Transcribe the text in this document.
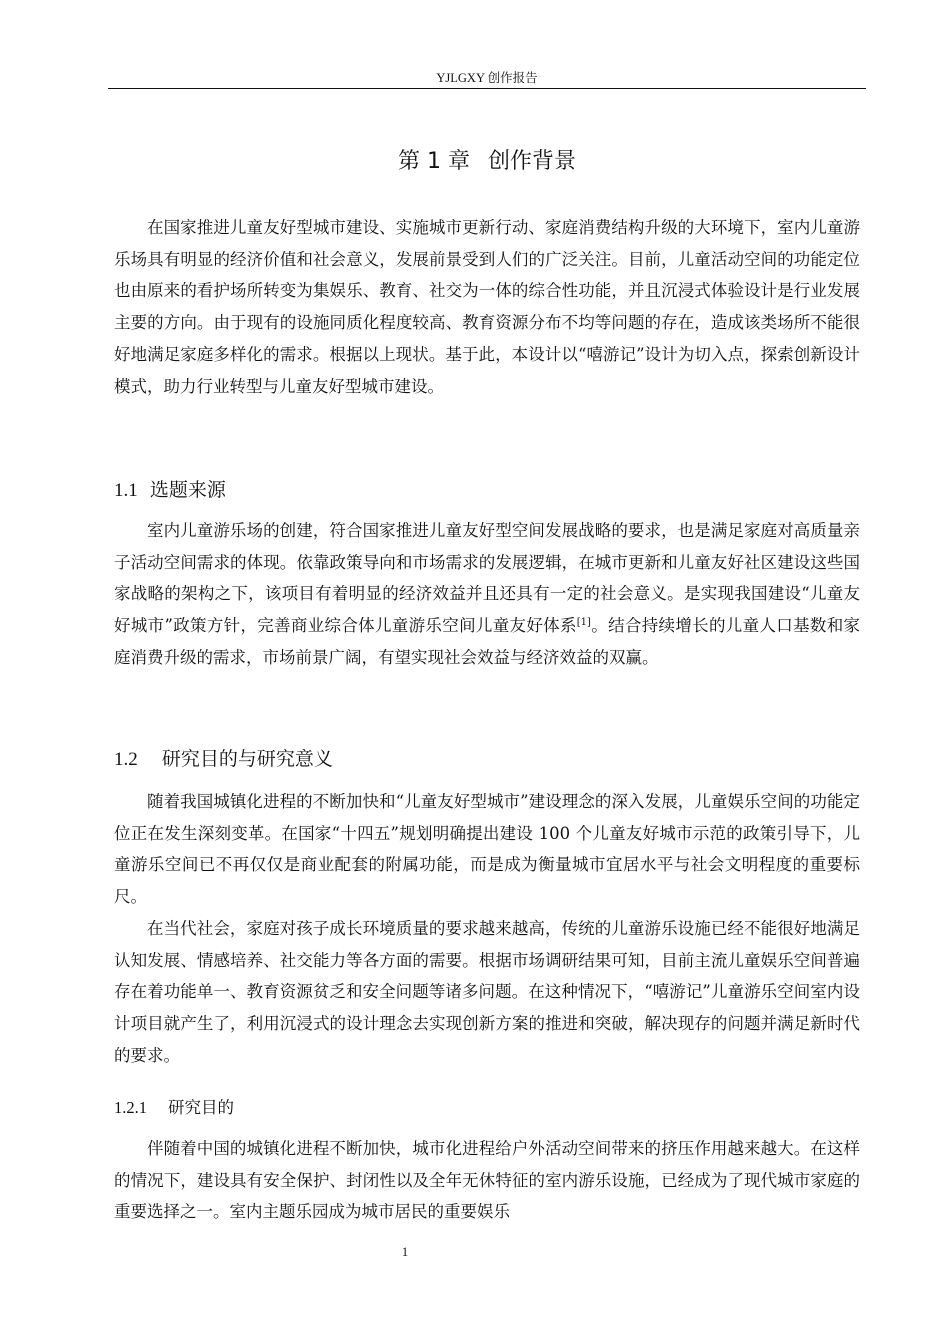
YJLGXY 创作报告
第 1 章 创作背景

在国家推进儿童友好型城市建设、实施城市更新行动、家庭消费结构升级的大环境下，室内儿童游乐场具有明显的经济价值和社会意义，发展前景受到人们的广泛关注。目前，儿童活动空间的功能定位也由原来的看护场所转变为集娱乐、教育、社交为一体的综合性功能，并且沉浸式体验设计是行业发展主要的方向。由于现有的设施同质化程度较高、教育资源分布不均等问题的存在，造成该类场所不能很好地满足家庭多样化的需求。根据以上现状。基于此，本设计以“嘻游记”设计为切入点，探索创新设计模式，助力行业转型与儿童友好型城市建设。

1.1 选题来源

室内儿童游乐场的创建，符合国家推进儿童友好型空间发展战略的要求，也是满足家庭对高质量亲子活动空间需求的体现。依靠政策导向和市场需求的发展逻辑，在城市更新和儿童友好社区建设这些国家战略的架构之下，该项目有着明显的经济效益并且还具有一定的社会意义。是实现我国建设“儿童友好城市”政策方针，完善商业综合体儿童游乐空间儿童友好体系[1]。结合持续增长的儿童人口基数和家庭消费升级的需求，市场前景广阔，有望实现社会效益与经济效益的双赢。

1.2 研究目的与研究意义

随着我国城镇化进程的不断加快和“儿童友好型城市”建设理念的深入发展，儿童娱乐空间的功能定位正在发生深刻变革。在国家“十四五”规划明确提出建设 100 个儿童友好城市示范的政策引导下，儿童游乐空间已不再仅仅是商业配套的附属功能，而是成为衡量城市宜居水平与社会文明程度的重要标尺。

在当代社会，家庭对孩子成长环境质量的要求越来越高，传统的儿童游乐设施已经不能很好地满足认知发展、情感培养、社交能力等各方面的需要。根据市场调研结果可知，目前主流儿童娱乐空间普遍存在着功能单一、教育资源贫乏和安全问题等诸多问题。在这种情况下，“嘻游记”儿童游乐空间室内设计项目就产生了，利用沉浸式的设计理念去实现创新方案的推进和突破，解决现存的问题并满足新时代的要求。

1.2.1 研究目的

伴随着中国的城镇化进程不断加快，城市化进程给户外活动空间带来的挤压作用越来越大。在这样的情况下，建设具有安全保护、封闭性以及全年无休特征的室内游乐设施，已经成为了现代城市家庭的重要选择之一。室内主题乐园成为城市居民的重要娱乐

1
